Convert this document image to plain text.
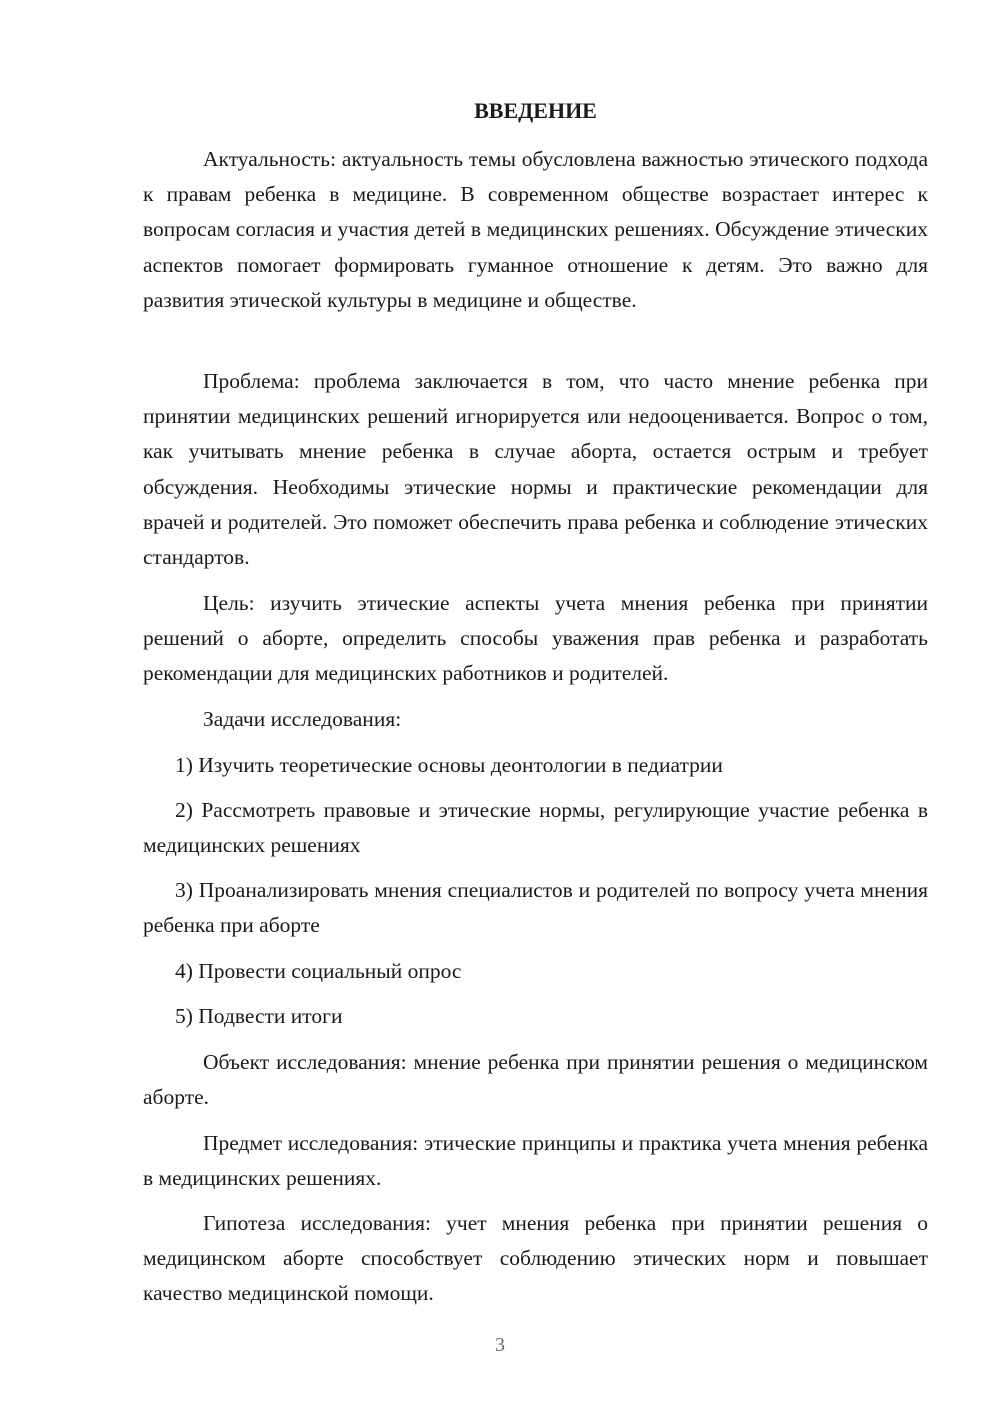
ВВЕДЕНИЕ

Актуальность: актуальность темы обусловлена важностью этического подхода к правам ребенка в медицине. В современном обществе возрастает интерес к вопросам согласия и участия детей в медицинских решениях. Обсуждение этических аспектов помогает формировать гуманное отношение к детям. Это важно для развития этической культуры в медицине и обществе.

Проблема: проблема заключается в том, что часто мнение ребенка при принятии медицинских решений игнорируется или недооценивается. Вопрос о том, как учитывать мнение ребенка в случае аборта, остается острым и требует обсуждения. Необходимы этические нормы и практические рекомендации для врачей и родителей. Это поможет обеспечить права ребенка и соблюдение этических стандартов.

Цель: изучить этические аспекты учета мнения ребенка при принятии решений о аборте, определить способы уважения прав ребенка и разработать рекомендации для медицинских работников и родителей.

Задачи исследования:

1) Изучить теоретические основы деонтологии в педиатрии

2) Рассмотреть правовые и этические нормы, регулирующие участие ребенка в медицинских решениях

3) Проанализировать мнения специалистов и родителей по вопросу учета мнения ребенка при аборте

4) Провести социальный опрос

5) Подвести итоги

Объект исследования: мнение ребенка при принятии решения о медицинском аборте.

Предмет исследования: этические принципы и практика учета мнения ребенка в медицинских решениях.

Гипотеза исследования: учет мнения ребенка при принятии решения о медицинском аборте способствует соблюдению этических норм и повышает качество медицинской помощи.

3
